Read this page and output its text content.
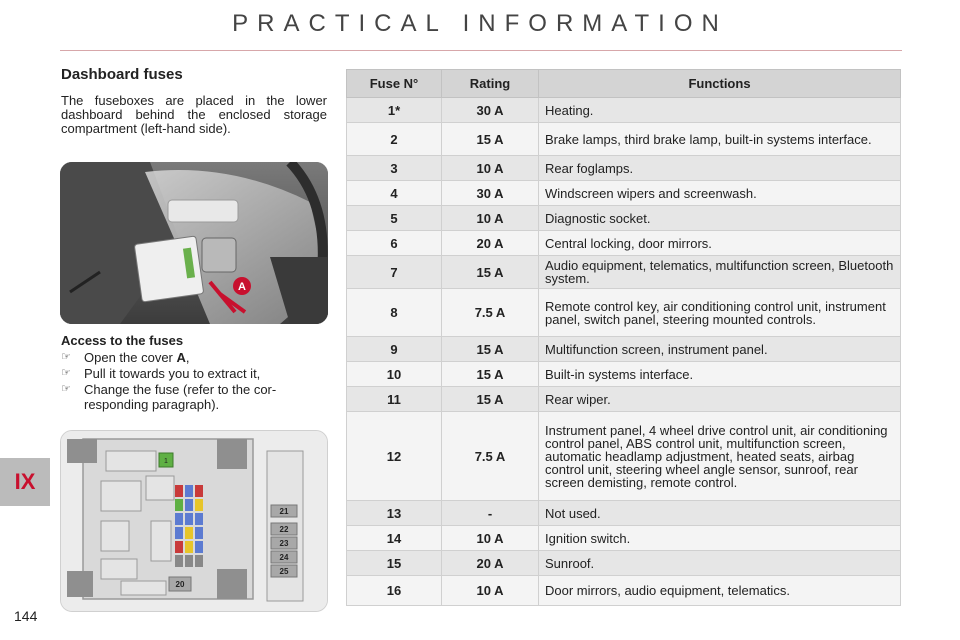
PRACTICAL INFORMATION
IX
144
Dashboard fuses
The fuseboxes are placed in the lower dashboard behind the enclosed storage compartment (left-hand side).
A
Access to the fuses
☞ Open the cover A,
☞ Pull it towards you to extract it,
☞ Change the fuse (refer to the cor-responding paragraph).
1
20
21
22
23
24
25
Fuse N°	Rating	Functions
1*	30 A	Heating.
2	15 A	Brake lamps, third brake lamp, built-in systems interface.
3	10 A	Rear foglamps.
4	30 A	Windscreen wipers and screenwash.
5	10 A	Diagnostic socket.
6	20 A	Central locking, door mirrors.
7	15 A	Audio equipment, telematics, multifunction screen, Bluetooth system.
8	7.5 A	Remote control key, air conditioning control unit, instrument panel, switch panel, steering mounted controls.
9	15 A	Multifunction screen, instrument panel.
10	15 A	Built-in systems interface.
11	15 A	Rear wiper.
12	7.5 A	Instrument panel, 4 wheel drive control unit, air conditioning control panel, ABS control unit, multifunction screen, automatic headlamp adjustment, heated seats, airbag control unit, steering wheel angle sensor, sunroof, rear screen demisting, remote control.
13	-	Not used.
14	10 A	Ignition switch.
15	20 A	Sunroof.
16	10 A	Door mirrors, audio equipment, telematics.
